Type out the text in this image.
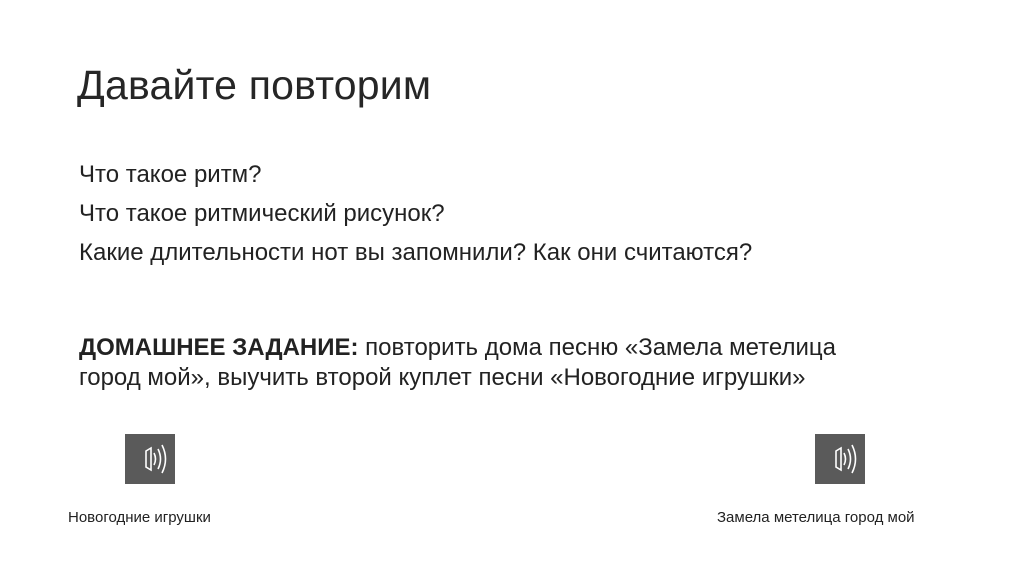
Давайте повторим
Что такое ритм?
Что такое ритмический рисунок?
Какие длительности нот вы запомнили? Как они считаются?
ДОМАШНЕЕ ЗАДАНИЕ: повторить дома песню «Замела метелица
город мой», выучить второй куплет песни «Новогодние игрушки»
Новогодние игрушки	Замела метелица город мой
